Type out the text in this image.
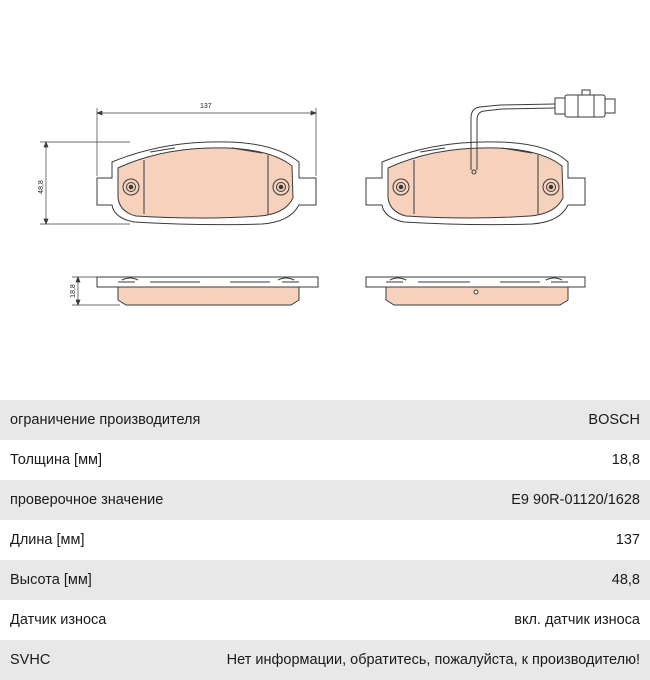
137
48,8
18,8
ограничение производителя	BOSCH
Толщина [мм]	18,8
проверочное значение	E9 90R-01120/1628
Длина [мм]	137
Высота [мм]	48,8
Датчик износа	вкл. датчик износа
SVHC	Нет информации, обратитесь, пожалуйста, к производителю!
